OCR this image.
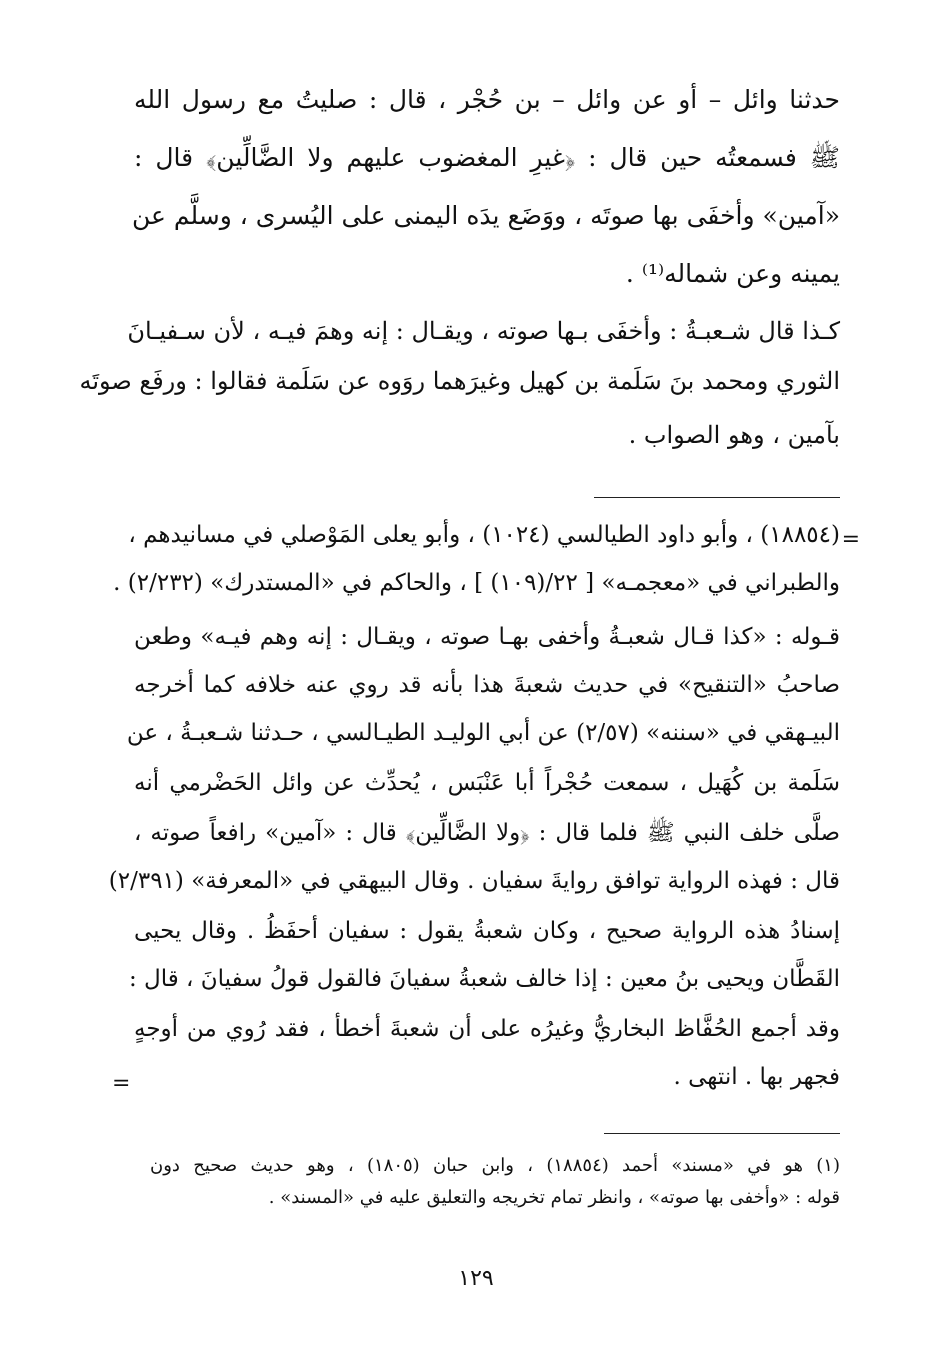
حدثنا وائل – أو عن وائل – بن حُجْر ، قال : صليتُ مع رسول الله
ﷺ فسمعتُه حين قال : ﴿غيرِ المغضوب عليهم ولا الضَّالِّين﴾ قال :
«آمين» وأخفَى بها صوتَه ، ووَضَع يدَه اليمنى على اليُسرى ، وسلَّم عن
يمينه وعن شماله⁽¹⁾ .
كـذا قال شـعبـةُ : وأخفَى بـها صوته ، ويقـال : إنه وهمَ فيـه ، لأن سـفيـانَ
الثوري ومحمد بنَ سَلَمة بن كهيل وغيرَهما روَوه عن سَلَمة فقالوا : ورفَع صوتَه
بآمين ، وهو الصواب .
=
(١٨٨٥٤) ، وأبو داود الطيالسي (١٠٢٤) ، وأبو يعلى المَوْصلي في مسانيدهم ،
والطبراني في «معجمـه» [ ٢٢/(١٠٩) ] ، والحاكم في «المستدرك» (٢/٢٣٢) .
قـوله : «كذا قـال شعبـةُ وأخفى بهـا صوته ، ويقـال : إنه وهم فيـه» وطعن
صاحبُ «التنقيح» في حديث شعبةَ هذا بأنه قد روي عنه خلافه كما أخرجه
البيـهقي في «سننه» (٢/٥٧) عن أبي الوليـد الطيـالسي ، حـدثنا شـعبـةُ ، عن
سَلَمة بن كُهَيل ، سمعت حُجْراً أبا عَنْبَس ، يُحدِّث عن وائل الحَضْرمي أنه
صلَّى خلف النبي ﷺ فلما قال : ﴿ولا الضَّالِّين﴾ قال : «آمين» رافعاً صوته ،
قال : فهذه الرواية توافق روايةَ سفيان . وقال البيهقي في «المعرفة» (٢/٣٩١)
إسنادُ هذه الرواية صحيح ، وكان شعبةُ يقول : سفيان أحفَظُ . وقال يحيى
القَطَّان ويحيى بنُ معين : إذا خالف شعبةُ سفيانَ فالقول قولُ سفيانَ ، قال :
وقد أجمع الحُفَّاظ البخاريُّ وغيرُه على أن شعبةَ أخطأ ، فقد رُوي من أوجهٍ
فجهر بها . انتهى .
=
(١) هو في «مسند» أحمد (١٨٨٥٤) ، وابن حبان (١٨٠٥) ، وهو حديث صحيح دون
قوله : «وأخفى بها صوته» ، وانظر تمام تخريجه والتعليق عليه في «المسند» .
١٢٩
